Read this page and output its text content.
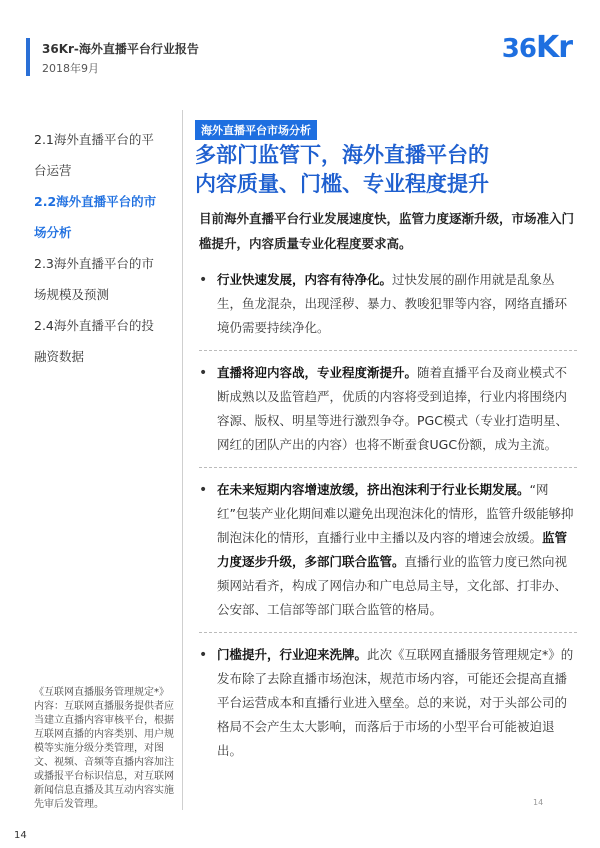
36Kr-海外直播平台行业报告
2018年9月
36Kr
2.1海外直播平台的平
台运营
2.2海外直播平台的市
场分析
2.3海外直播平台的市
场规模及预测
2.4海外直播平台的投
融资数据
海外直播平台市场分析
多部门监管下，海外直播平台的
内容质量、门槛、专业程度提升
目前海外直播平台行业发展速度快，监管力度逐渐升级，市场准入门槛提升，内容质量专业化程度要求高。
• 行业快速发展，内容有待净化。过快发展的副作用就是乱象丛生，鱼龙混杂，出现淫秽、暴力、教唆犯罪等内容，网络直播环境仍需要持续净化。
• 直播将迎内容战，专业程度渐提升。随着直播平台及商业模式不断成熟以及监管趋严，优质的内容将受到追捧，行业内将围绕内容源、版权、明星等进行激烈争夺。PGC模式（专业打造明星、网红的团队产出的内容）也将不断蚕食UGC份额，成为主流。
• 在未来短期内容增速放缓，挤出泡沫利于行业长期发展。“网红”包装产业化期间难以避免出现泡沫化的情形，监管升级能够抑制泡沫化的情形，直播行业中主播以及内容的增速会放缓。监管力度逐步升级，多部门联合监管。直播行业的监管力度已然向视频网站看齐，构成了网信办和广电总局主导，文化部、打非办、公安部、工信部等部门联合监管的格局。
• 门槛提升，行业迎来洗牌。此次《互联网直播服务管理规定*》的发布除了去除直播市场泡沫，规范市场内容，可能还会提高直播平台运营成本和直播行业进入壁垒。总的来说，对于头部公司的格局不会产生太大影响，而落后于市场的小型平台可能被迫退出。
《互联网直播服务管理规定*》内容：互联网直播服务提供者应当建立直播内容审核平台，根据互联网直播的内容类别、用户规模等实施分级分类管理，对图文、视频、音频等直播内容加注或播报平台标识信息，对互联网新闻信息直播及其互动内容实施先审后发管理。
14
14
